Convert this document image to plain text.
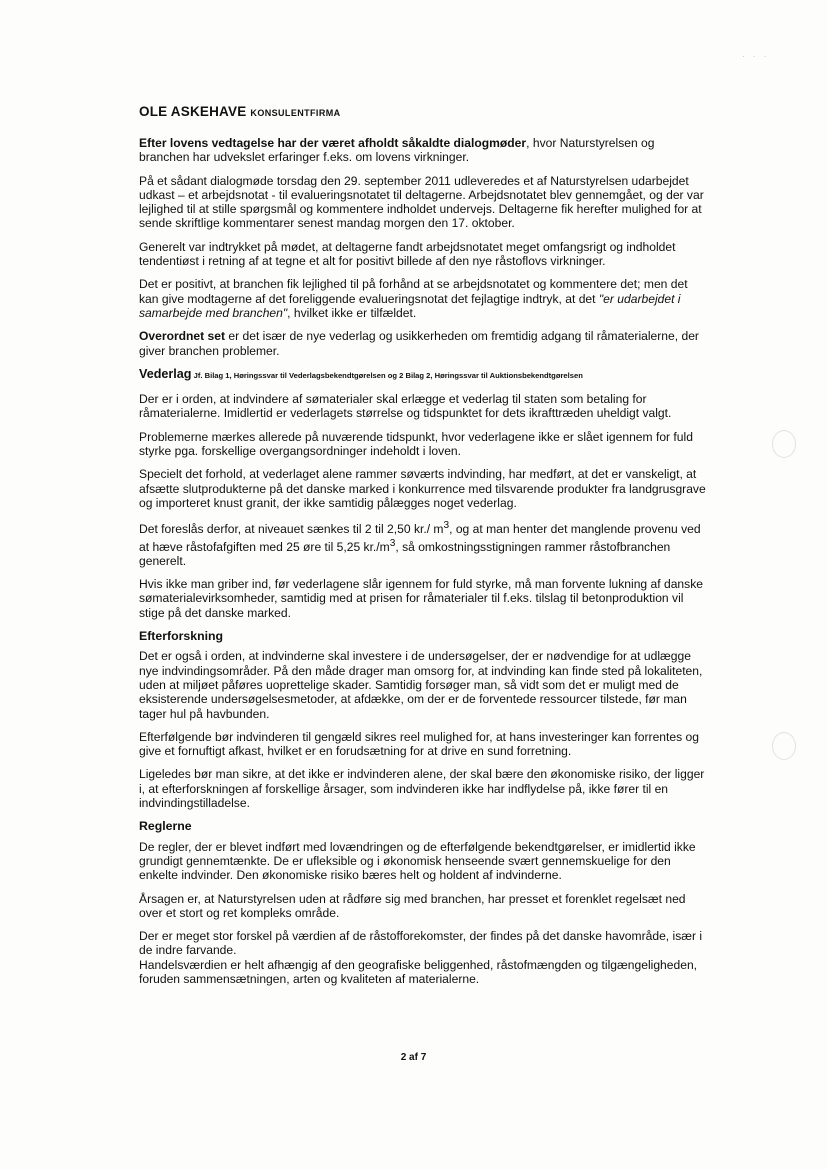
· · ·
OLE ASKEHAVE KONSULENTFIRMA

Efter lovens vedtagelse har der været afholdt såkaldte dialogmøder, hvor Naturstyrelsen og branchen har udvekslet erfaringer f.eks. om lovens virkninger.

På et sådant dialogmøde torsdag den 29. september 2011 udleveredes et af Naturstyrelsen udarbejdet udkast – et arbejdsnotat - til evalueringsnotatet til deltagerne. Arbejdsnotatet blev gennemgået, og der var lejlighed til at stille spørgsmål og kommentere indholdet undervejs. Deltagerne fik herefter mulighed for at sende skriftlige kommentarer senest mandag morgen den 17. oktober.

Generelt var indtrykket på mødet, at deltagerne fandt arbejdsnotatet meget omfangsrigt og indholdet tendentiøst i retning af at tegne et alt for positivt billede af den nye råstoflovs virkninger.

Det er positivt, at branchen fik lejlighed til på forhånd at se arbejdsnotatet og kommentere det; men det kan give modtagerne af det foreliggende evalueringsnotat det fejlagtige indtryk, at det "er udarbejdet i samarbejde med branchen", hvilket ikke er tilfældet.

Overordnet set er det især de nye vederlag og usikkerheden om fremtidig adgang til råmaterialerne, der giver branchen problemer.

Vederlag Jf. Bilag 1, Høringssvar til Vederlagsbekendtgørelsen og 2 Bilag 2, Høringssvar til Auktionsbekendtgørelsen

Der er i orden, at indvindere af sømaterialer skal erlægge et vederlag til staten som betaling for råmaterialerne. Imidlertid er vederlagets størrelse og tidspunktet for dets ikrafttræden uheldigt valgt.

Problemerne mærkes allerede på nuværende tidspunkt, hvor vederlagene ikke er slået igennem for fuld styrke pga. forskellige overgangsordninger indeholdt i loven.

Specielt det forhold, at vederlaget alene rammer søværts indvinding, har medført, at det er vanskeligt, at afsætte slutprodukterne på det danske marked i konkurrence med tilsvarende produkter fra landgrusgrave og importeret knust granit, der ikke samtidig pålægges noget vederlag.

Det foreslås derfor, at niveauet sænkes til 2 til 2,50 kr./ $m^3$, og at man henter det manglende provenu ved at hæve råstofafgiften med 25 øre til 5,25 $kr./m^3$, så omkostningsstigningen rammer råstofbranchen generelt.

Hvis ikke man griber ind, før vederlagene slår igennem for fuld styrke, må man forvente lukning af danske sømaterialevirksomheder, samtidig med at prisen for råmaterialer til f.eks. tilslag til betonproduktion vil stige på det danske marked.

Efterforskning

Det er også i orden, at indvinderne skal investere i de undersøgelser, der er nødvendige for at udlægge nye indvindingsområder. På den måde drager man omsorg for, at indvinding kan finde sted på lokaliteten, uden at miljøet påføres uoprettelige skader. Samtidig forsøger man, så vidt som det er muligt med de eksisterende undersøgelsesmetoder, at afdække, om der er de forventede ressourcer tilstede, før man tager hul på havbunden.

Efterfølgende bør indvinderen til gengæld sikres reel mulighed for, at hans investeringer kan forrentes og give et fornuftigt afkast, hvilket er en forudsætning for at drive en sund forretning.

Ligeledes bør man sikre, at det ikke er indvinderen alene, der skal bære den økonomiske risiko, der ligger i, at efterforskningen af forskellige årsager, som indvinderen ikke har indflydelse på, ikke fører til en indvindingstilladelse.

Reglerne

De regler, der er blevet indført med lovændringen og de efterfølgende bekendtgørelser, er imidlertid ikke grundigt gennemtænkte. De er ufleksible og i økonomisk henseende svært gennemskuelige for den enkelte indvinder. Den økonomiske risiko bæres helt og holdent af indvinderne.

Årsagen er, at Naturstyrelsen uden at rådføre sig med branchen, har presset et forenklet regelsæt ned over et stort og ret kompleks område.

Der er meget stor forskel på værdien af de råstofforekomster, der findes på det danske havområde, især i de indre farvande.

Handelsværdien er helt afhængig af den geografiske beliggenhed, råstofmængden og tilgængeligheden, foruden sammensætningen, arten og kvaliteten af materialerne.

2 af 7
